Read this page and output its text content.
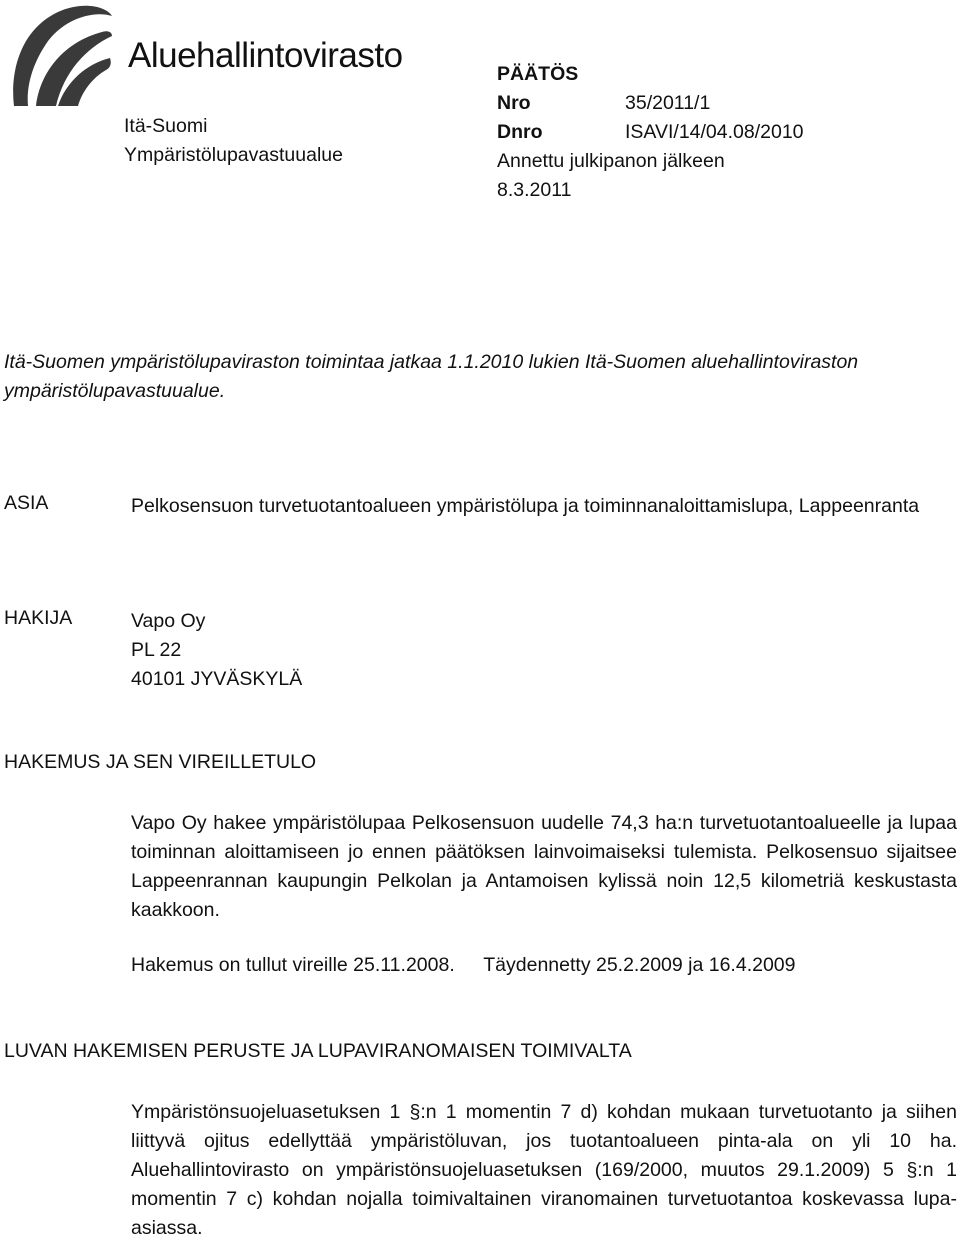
Aluehallintovirasto
Itä-Suomi
Ympäristölupavastuualue
PÄÄTÖS
Nro	35/2011/1
Dnro	ISAVI/14/04.08/2010
Annettu julkipanon jälkeen
8.3.2011
Itä-Suomen ympäristölupaviraston toimintaa jatkaa 1.1.2010 lukien Itä-Suomen aluehallintoviraston ympäristölupavastuualue.
ASIA	Pelkosensuon turvetuotantoalueen ympäristölupa ja toiminnanaloittamislupa, Lappeenranta
HAKIJA	Vapo Oy
PL 22
40101 JYVÄSKYLÄ
HAKEMUS JA SEN VIREILLETULO
Vapo Oy hakee ympäristölupaa Pelkosensuon uudelle 74,3 ha:n turvetuotantoalueelle ja lupaa toiminnan aloittamiseen jo ennen päätöksen lainvoimaiseksi tulemista. Pelkosensuo sijaitsee Lappeenrannan kaupungin Pelkolan ja Antamoisen kylissä noin 12,5 kilometriä keskustasta kaakkoon.
Hakemus on tullut vireille 25.11.2008. Täydennetty 25.2.2009 ja 16.4.2009
LUVAN HAKEMISEN PERUSTE JA LUPAVIRANOMAISEN TOIMIVALTA
Ympäristönsuojeluasetuksen 1 §:n 1 momentin 7 d) kohdan mukaan turvetuotanto ja siihen liittyvä ojitus edellyttää ympäristöluvan, jos tuotantoalueen pinta-ala on yli 10 ha. Aluehallintovirasto on ympäristönsuojeluasetuksen (169/2000, muutos 29.1.2009) 5 §:n 1 momentin 7 c) kohdan nojalla toimivaltainen viranomainen turvetuotantoa koskevassa lupa-asiassa.
